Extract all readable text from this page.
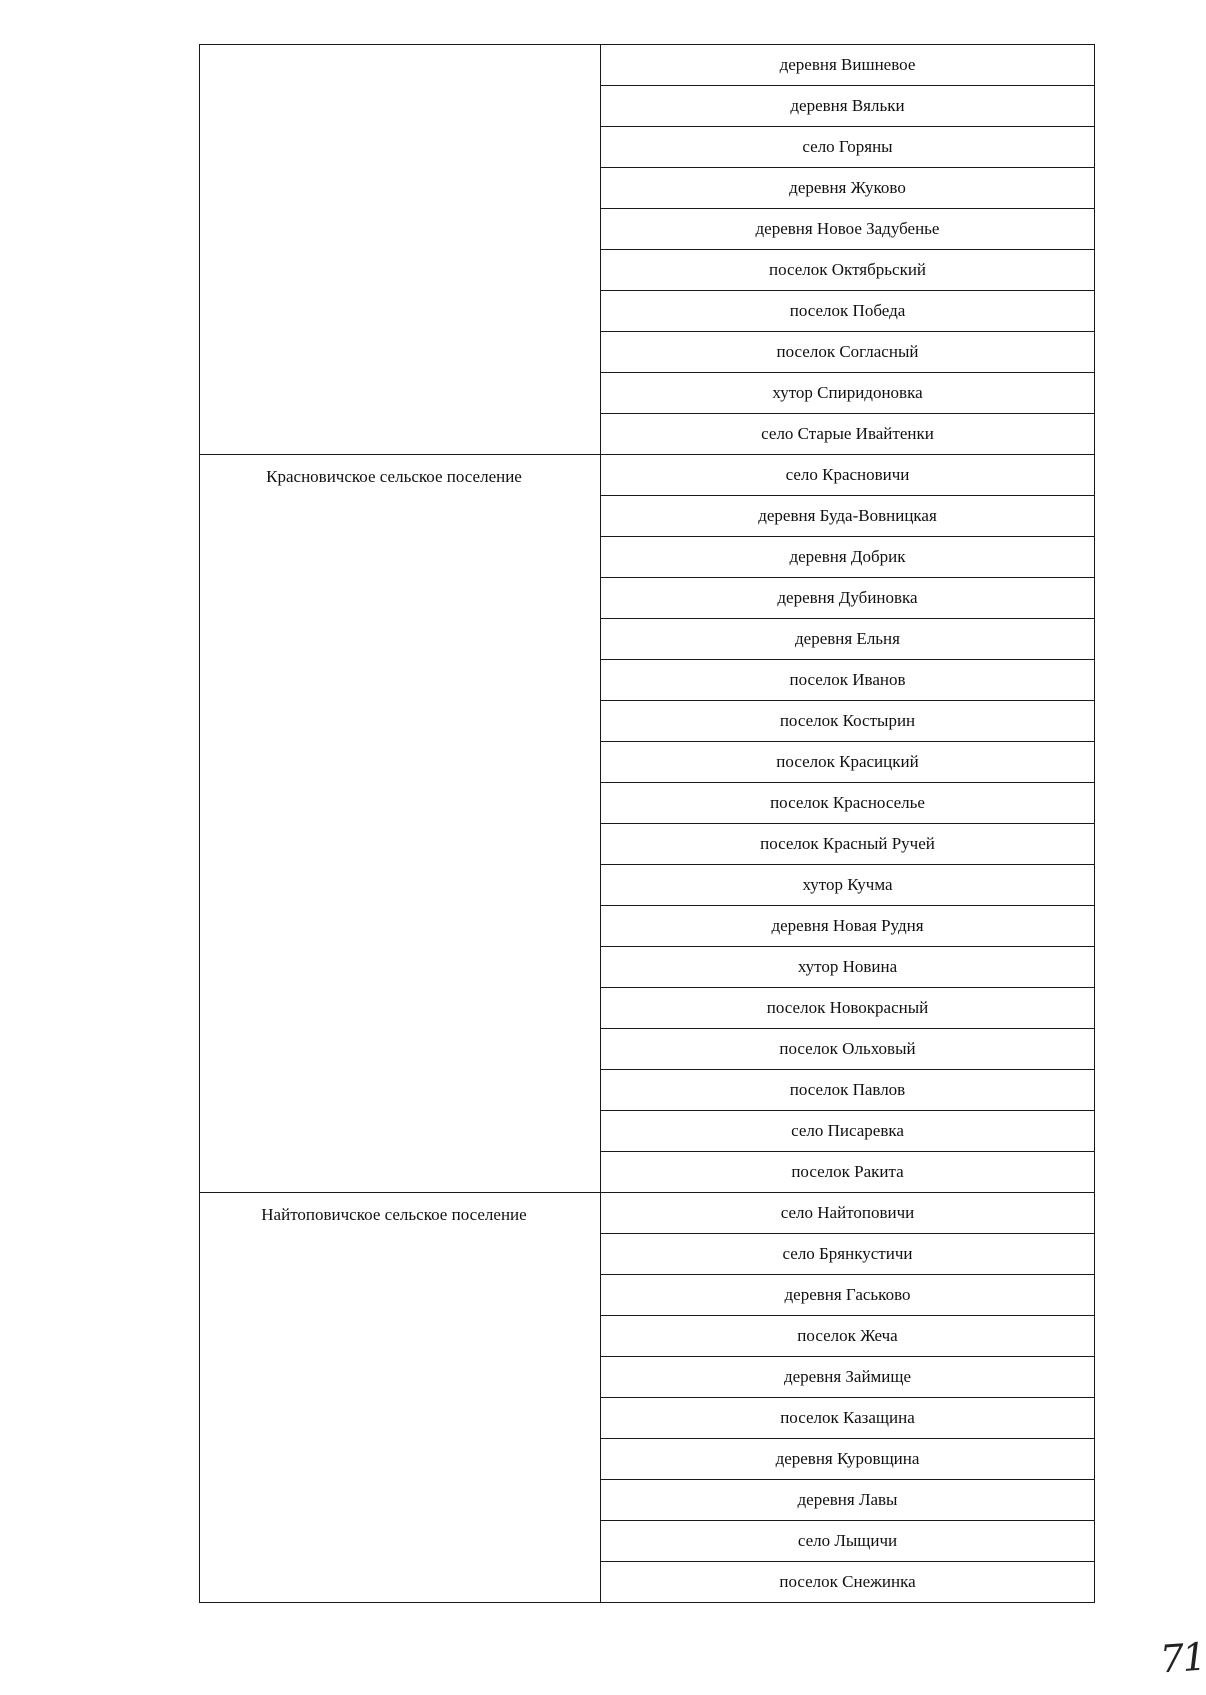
	деревня Вишневое
	деревня Вяльки
	село Горяны
	деревня Жуково
	деревня Новое Задубенье
	поселок Октябрьский
	поселок Победа
	поселок Согласный
	хутор Спиридоновка
	село Старые Ивайтенки
Красновичское сельское поселение	село Красновичи
	деревня Буда-Вовницкая
	деревня Добрик
	деревня Дубиновка
	деревня Ельня
	поселок Иванов
	поселок Костырин
	поселок Красицкий
	поселок Красноселье
	поселок Красный Ручей
	хутор Кучма
	деревня Новая Рудня
	хутор Новина
	поселок Новокрасный
	поселок Ольховый
	поселок Павлов
	село Писаревка
	поселок Ракита
Найтоповичское сельское поселение	село Найтоповичи
	село Брянкустичи
	деревня Гаськово
	поселок Жеча
	деревня Займище
	поселок Казащина
	деревня Куровщина
	деревня Лавы
	село Лыщичи
	поселок Снежинка
71
